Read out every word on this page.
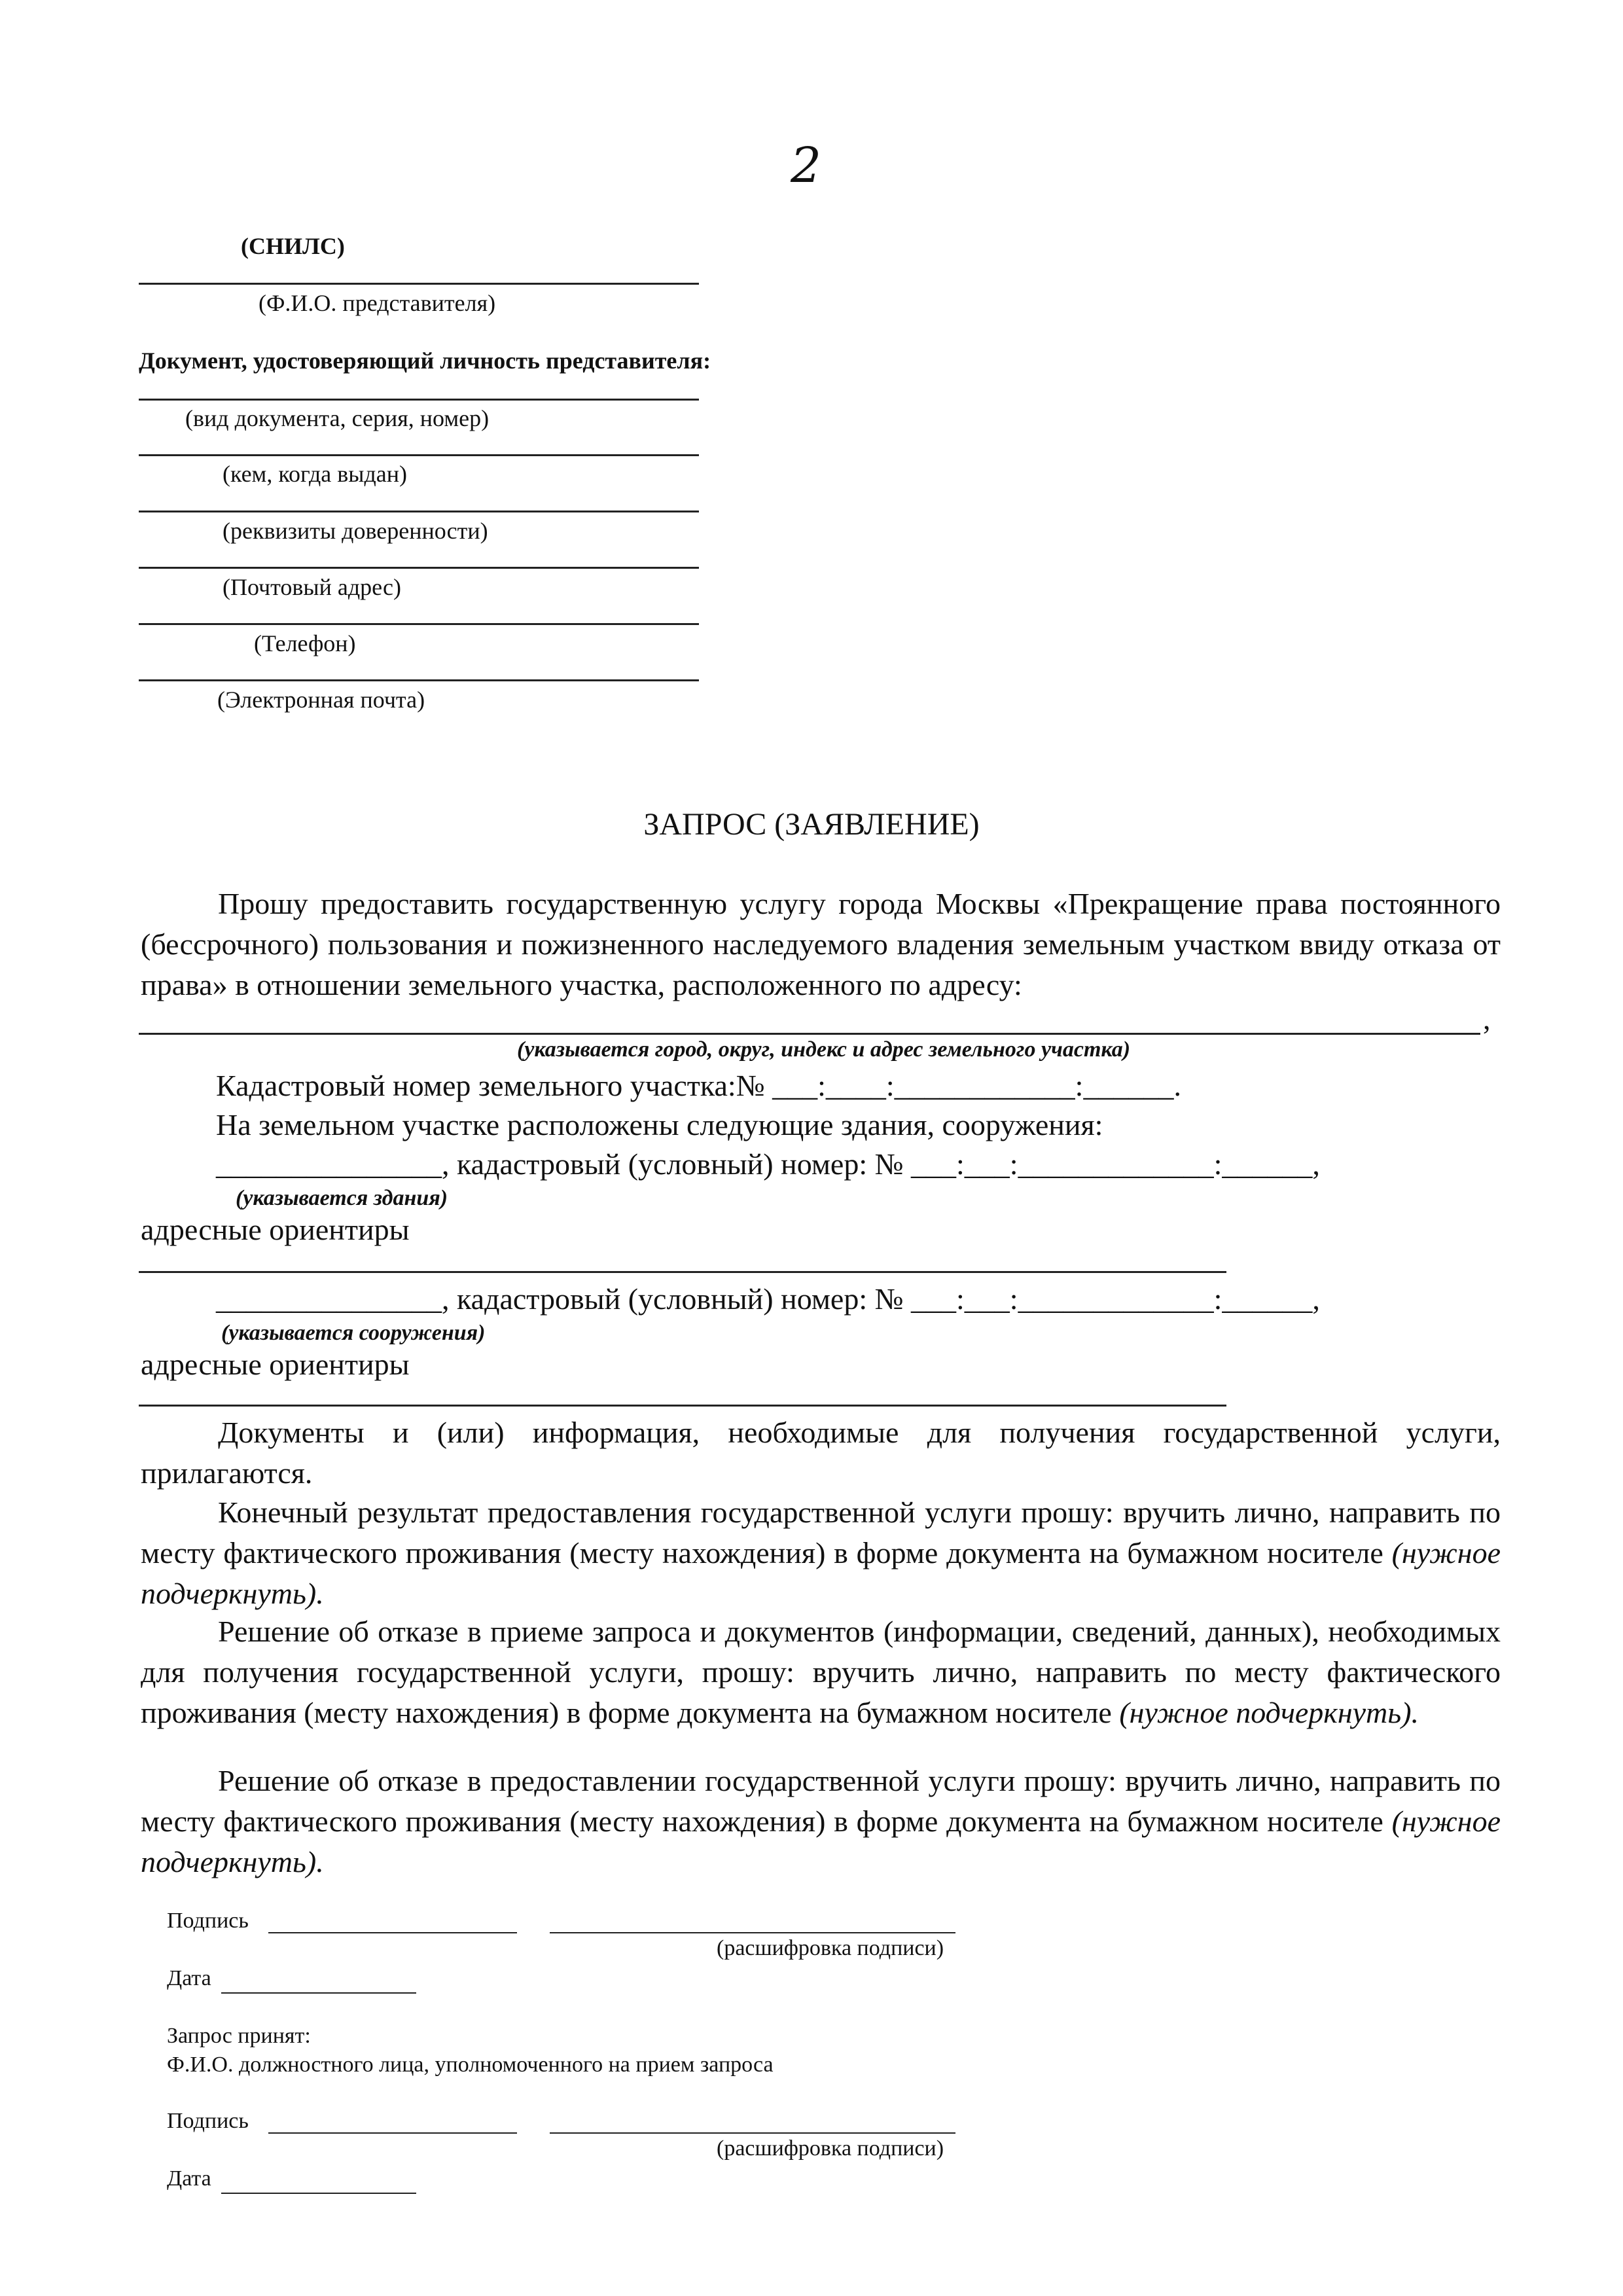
2
(СНИЛС)
(Ф.И.О. представителя)
Документ, удостоверяющий личность представителя:
(вид документа, серия, номер)
(кем, когда выдан)
(реквизиты доверенности)
(Почтовый адрес)
(Телефон)
(Электронная почта)
ЗАПРОС (ЗАЯВЛЕНИЕ)

Прошу предоставить государственную услугу города Москвы «Прекращение права постоянного (бессрочного) пользования и пожизненного наследуемого владения земельным участком ввиду отказа от права» в отношении земельного участка, расположенного по адресу:

,
(указывается город, округ, индекс и адрес земельного участка)
Кадастровый номер земельного участка:№ ___:____:____________:______.
На земельном участке расположены следующие здания, сооружения:
_______________, кадастровый (условный) номер: № ___:___:_____________:______,
(указывается здания)
адресные ориентиры
_______________, кадастровый (условный) номер: № ___:___:_____________:______,
(указывается сооружения)
адресные ориентиры

Документы и (или) информация, необходимые для получения государственной услуги, прилагаются.

Конечный результат предоставления государственной услуги прошу: вручить лично, направить по месту фактического проживания (месту нахождения) в форме документа на бумажном носителе (нужное подчеркнуть).

Решение об отказе в приеме запроса и документов (информации, сведений, данных), необходимых для получения государственной услуги, прошу: вручить лично, направить по месту фактического проживания (месту нахождения) в форме документа на бумажном носителе (нужное подчеркнуть).

Решение об отказе в предоставлении государственной услуги прошу: вручить лично, направить по месту фактического проживания (месту нахождения) в форме документа на бумажном носителе (нужное подчеркнуть).

Подпись
(расшифровка подписи)
Дата
Запрос принят:
Ф.И.О. должностного лица, уполномоченного на прием запроса
Подпись
(расшифровка подписи)
Дата
